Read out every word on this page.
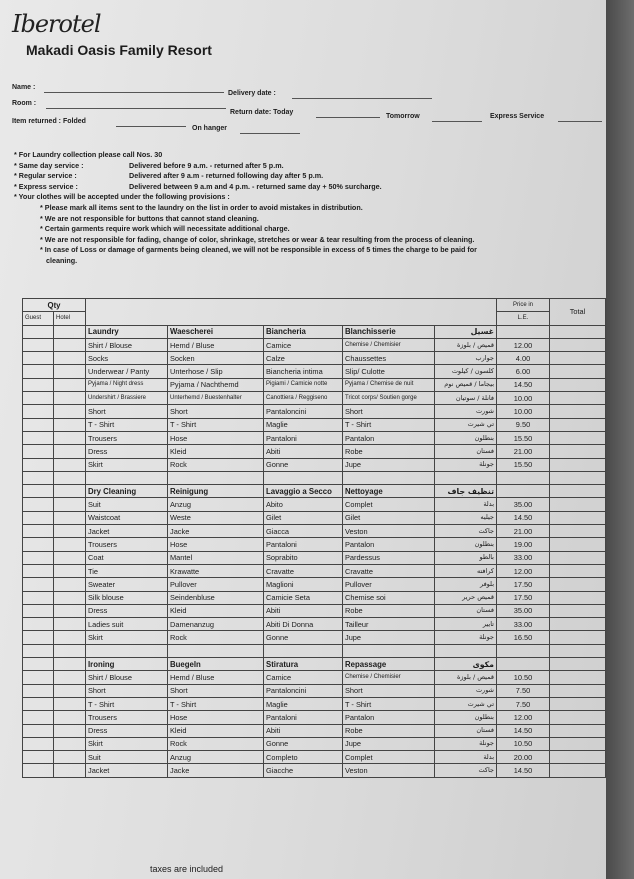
Iberotel
Makadi Oasis Family Resort
Name :
Delivery date :
Room :
Return date: Today
Tomorrow	Express Service
Item returned : Folded
On hanger
* For Laundry collection please call Nos. 30
* Same day service :	Delivered before 9 a.m. - returned after 5 p.m.
* Regular service :	Delivered after 9 a.m - returned following day after 5 p.m.
* Express service :	Delivered between 9 a.m and 4 p.m. - returned same day + 50% surcharge.
* Your clothes will be accepted under the following provisions :
* Please mark all items sent to the laundry on the list in order to avoid mistakes in distribution.
* We are not responsible for buttons that cannot stand cleaning.
* Certain garments require work which will necessitate additional charge.
* We are not responsible for fading, change of color, shrinkage, stretches or wear & tear resulting from the process of cleaning.
* In case of Loss or damage of garments being cleaned, we will not be responsible in excess of 5 times the charge to be paid for
cleaning.
Qty							Price in	Total
Guest	Hotel						L.E.	
		Laundry	Waescherei	Biancheria	Blanchisserie	غسيل		
		Shirt / Blouse	Hemd / Bluse	Camice	Chemise / Chemisier	قميص / بلوزة	12.00	
		Socks	Socken	Calze	Chaussettes	جوارب	4.00	
		Underwear / Panty	Unterhose / Slip	Biancheria intima	Slip/ Culotte	كلسون / كيلوت	6.00	
		Pyjama / Night dress	Pyjama / Nachthemd	Pigiami / Camicie notte	Pyjama / Chemise de nuit	بيجاما / قميص نوم	14.50	
		Undershirt / Brassiere	Unterhemd / Buestenhalter	Canottiera / Reggiseno	Tricot corps/ Soutien gorge	فانلة / سوتيان	10.00	
		Short	Short	Pantaloncini	Short	شورت	10.00	
		T - Shirt	T - Shirt	Maglie	T - Shirt	تي شيرت	9.50	
		Trousers	Hose	Pantaloni	Pantalon	بنطلون	15.50	
		Dress	Kleid	Abiti	Robe	فستان	21.00	
		Skirt	Rock	Gonne	Jupe	جونلة	15.50	

		Dry Cleaning	Reinigung	Lavaggio a Secco	Nettoyage	تنظيف جاف		
		Suit	Anzug	Abito	Complet	بدلة	35.00	
		Waistcoat	Weste	Gilet	Gilet	جيليه	14.50	
		Jacket	Jacke	Giacca	Veston	جاكت	21.00	
		Trousers	Hose	Pantaloni	Pantalon	بنطلون	19.00	
		Coat	Mantel	Soprabito	Pardessus	بالطو	33.00	
		Tie	Krawatte	Cravatte	Cravatte	كرافته	12.00	
		Sweater	Pullover	Maglioni	Pullover	بلوفر	17.50	
		Silk blouse	Seindenbluse	Camicie Seta	Chemise soi	قميص حرير	17.50	
		Dress	Kleid	Abiti	Robe	فستان	35.00	
		Ladies suit	Damenanzug	Abiti Di Donna	Tailleur	تايير	33.00	
		Skirt	Rock	Gonne	Jupe	جونلة	16.50	

		Ironing	Buegeln	Stiratura	Repassage	مكوى		
		Shirt / Blouse	Hemd / Bluse	Camice	Chemise / Chemisier	قميص / بلوزة	10.50	
		Short	Short	Pantaloncini	Short	شورت	7.50	
		T - Shirt	T - Shirt	Maglie	T - Shirt	تي شيرت	7.50	
		Trousers	Hose	Pantaloni	Pantalon	بنطلون	12.00	
		Dress	Kleid	Abiti	Robe	فستان	14.50	
		Skirt	Rock	Gonne	Jupe	جونلة	10.50	
		Suit	Anzug	Completo	Complet	بدلة	20.00	
		Jacket	Jacke	Giacche	Veston	جاكت	14.50	
taxes are included
